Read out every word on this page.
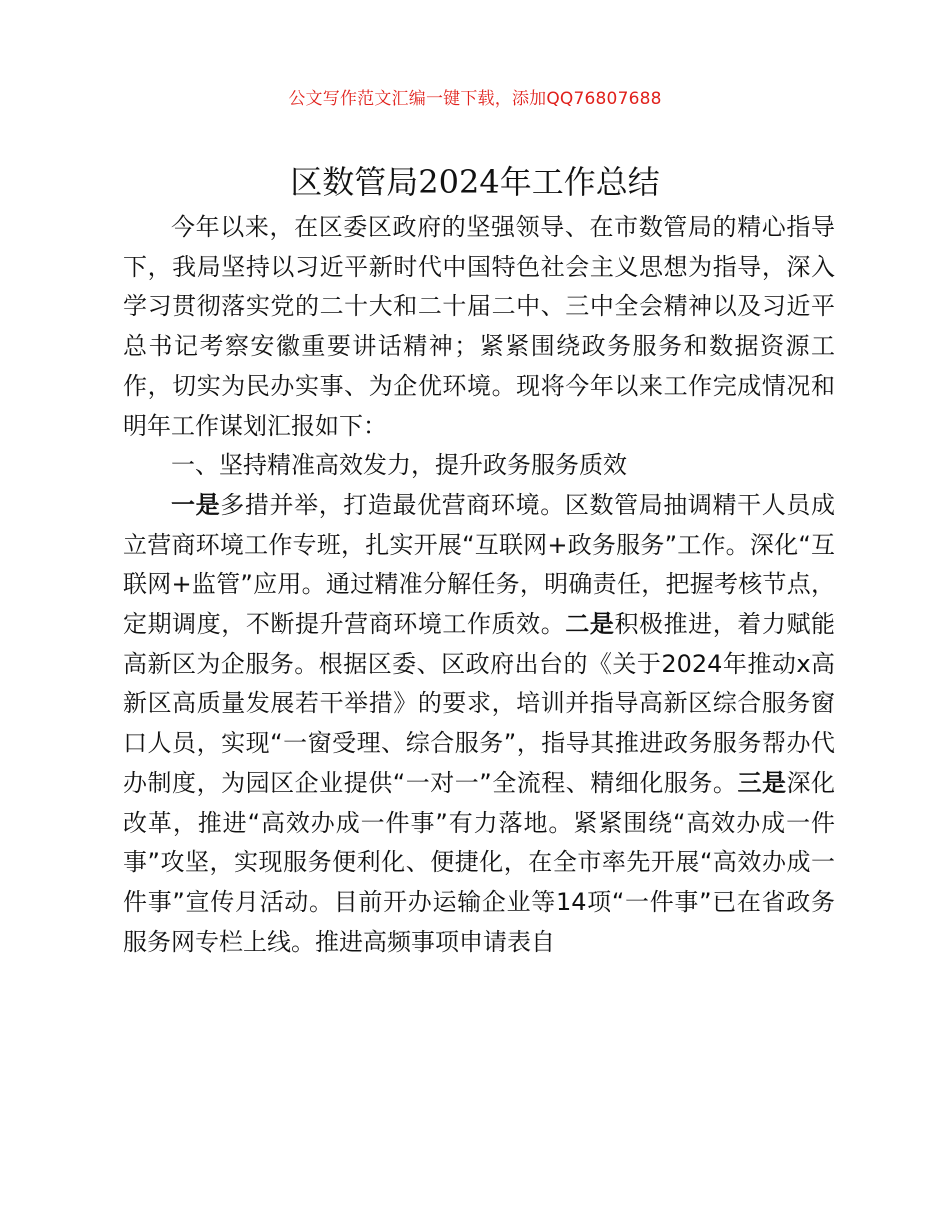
公文写作范文汇编一键下载，添加QQ76807688
区数管局2024年工作总结

今年以来，在区委区政府的坚强领导、在市数管局的精心指导下，我局坚持以习近平新时代中国特色社会主义思想为指导，深入学习贯彻落实党的二十大和二十届二中、三中全会精神以及习近平总书记考察安徽重要讲话精神；紧紧围绕政务服务和数据资源工作，切实为民办实事、为企优环境。现将今年以来工作完成情况和明年工作谋划汇报如下：

一、坚持精准高效发力，提升政务服务质效

一是多措并举，打造最优营商环境。区数管局抽调精干人员成立营商环境工作专班，扎实开展“互联网+政务服务”工作。深化“互联网+监管”应用。通过精准分解任务，明确责任，把握考核节点，定期调度，不断提升营商环境工作质效。二是积极推进，着力赋能高新区为企服务。根据区委、区政府出台的《关于2024年推动x高新区高质量发展若干举措》的要求，培训并指导高新区综合服务窗口人员，实现“一窗受理、综合服务”，指导其推进政务服务帮办代办制度，为园区企业提供“一对一”全流程、精细化服务。三是深化改革，推进“高效办成一件事”有力落地。紧紧围绕“高效办成一件事”攻坚，实现服务便利化、便捷化，在全市率先开展“高效办成一件事”宣传月活动。目前开办运输企业等14项“一件事”已在省政务服务网专栏上线。推进高频事项申请表自
